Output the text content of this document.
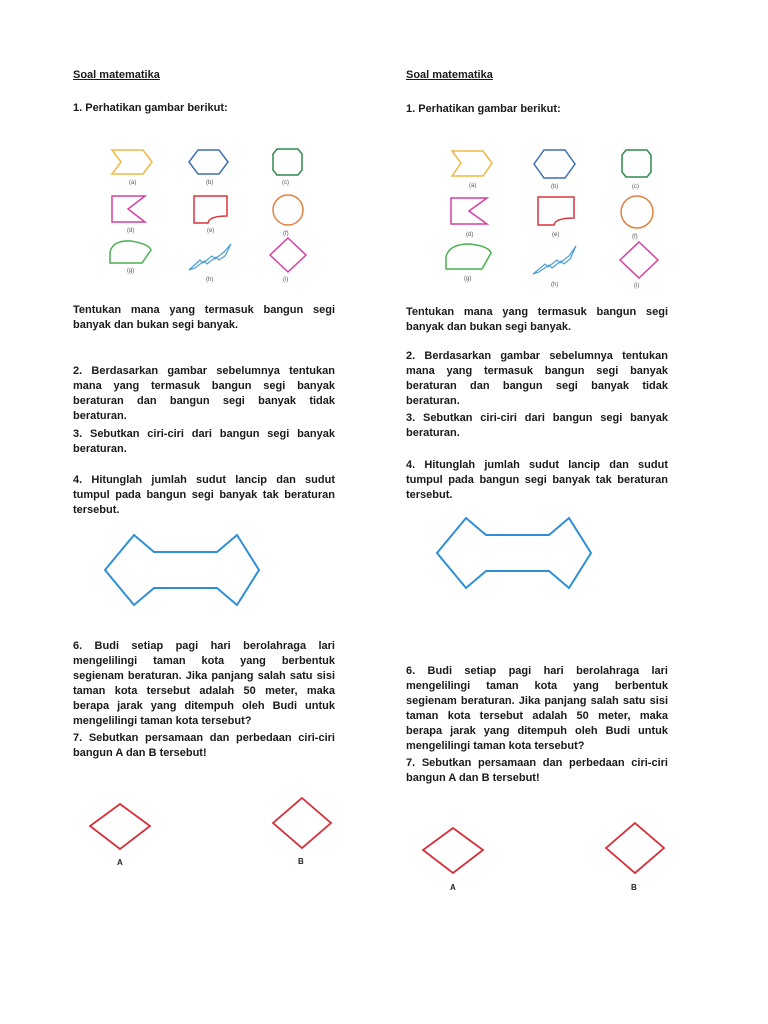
Soal matematika
1. Perhatikan gambar berikut:
(a)	(b)	(c)
(d)	(e)	(f)
(g)
(h)	(i)
Tentukan mana yang termasuk bangun segi banyak dan bukan segi banyak.
2. Berdasarkan gambar sebelumnya tentukan mana yang termasuk bangun segi banyak beraturan dan bangun segi banyak tidak beraturan.
3. Sebutkan ciri-ciri dari bangun segi banyak beraturan.
4. Hitunglah jumlah sudut lancip dan sudut tumpul pada bangun segi banyak tak beraturan tersebut.
6. Budi setiap pagi hari berolahraga lari mengelilingi taman kota yang berbentuk segienam beraturan. Jika panjang salah satu sisi taman kota tersebut adalah 50 meter, maka berapa jarak yang ditempuh oleh Budi untuk mengelilingi taman kota tersebut?
7. Sebutkan persamaan dan perbedaan ciri-ciri bangun A dan B tersebut!
A	B
Soal matematika
1. Perhatikan gambar berikut:
(a)	(b)	(c)
(d)	(e)	(f)
(g)
(h)	(i)
Tentukan mana yang termasuk bangun segi banyak dan bukan segi banyak.
2. Berdasarkan gambar sebelumnya tentukan mana yang termasuk bangun segi banyak beraturan dan bangun segi banyak tidak beraturan.
3. Sebutkan ciri-ciri dari bangun segi banyak beraturan.
4. Hitunglah jumlah sudut lancip dan sudut tumpul pada bangun segi banyak tak beraturan tersebut.
6. Budi setiap pagi hari berolahraga lari mengelilingi taman kota yang berbentuk segienam beraturan. Jika panjang salah satu sisi taman kota tersebut adalah 50 meter, maka berapa jarak yang ditempuh oleh Budi untuk mengelilingi taman kota tersebut?
7. Sebutkan persamaan dan perbedaan ciri-ciri bangun A dan B tersebut!
A	B
